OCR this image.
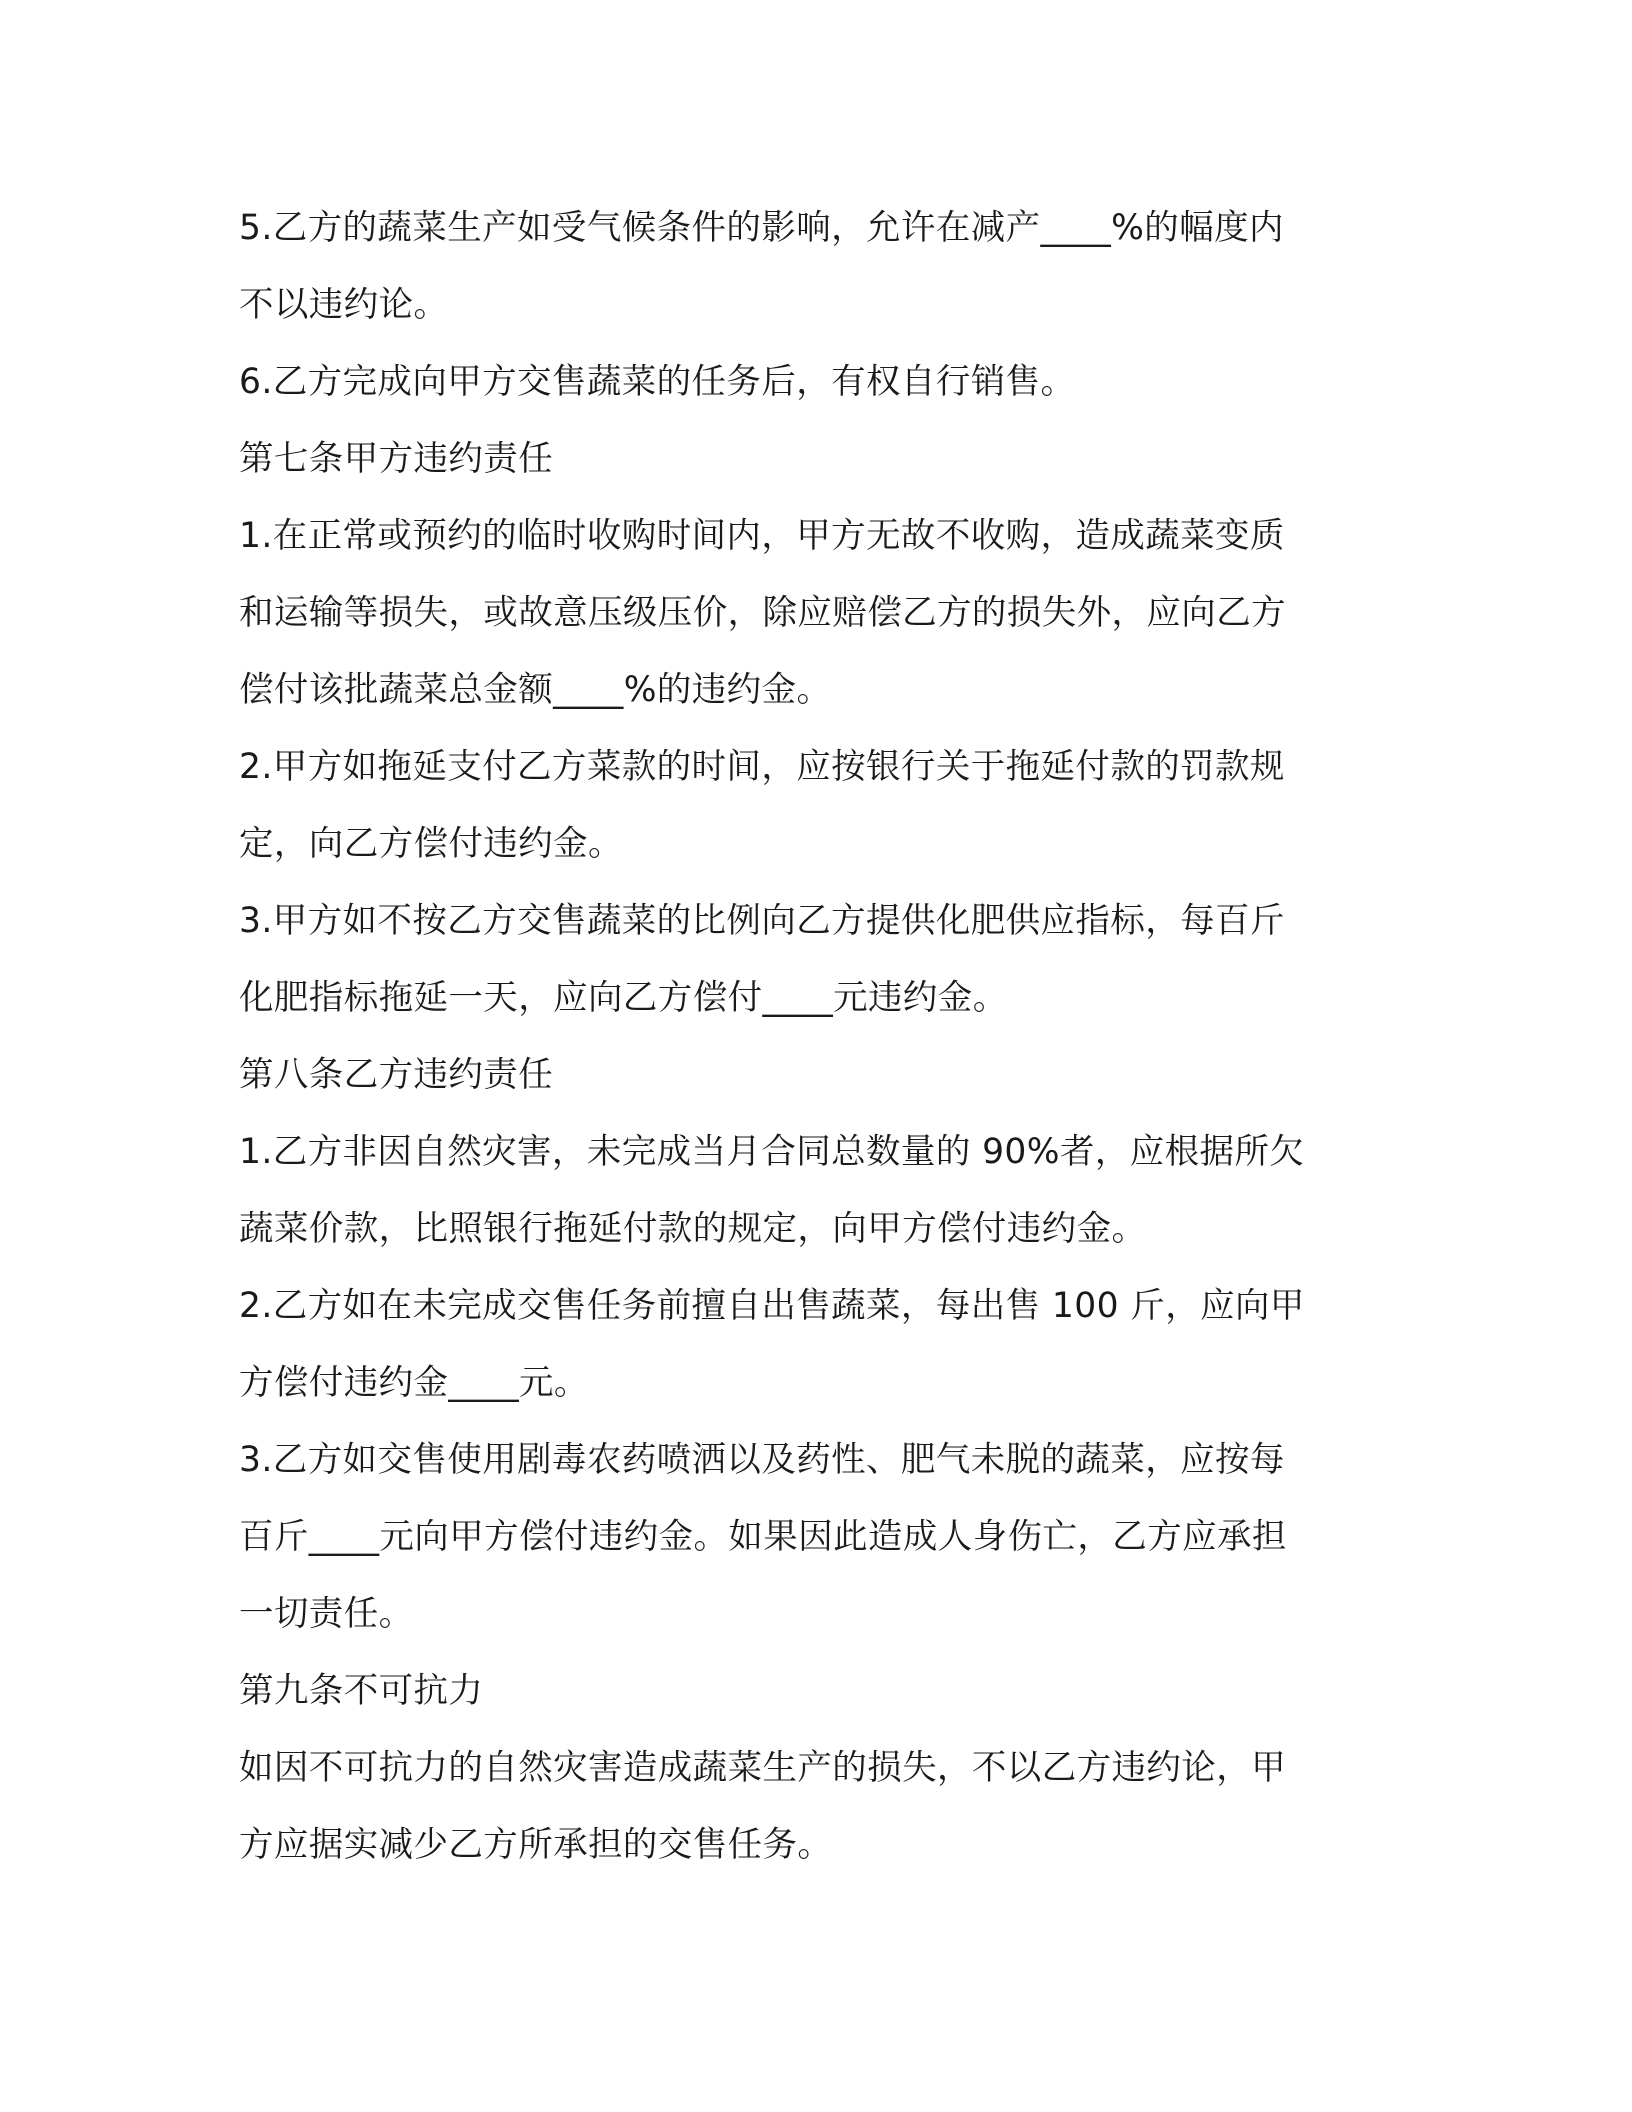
5.乙方的蔬菜生产如受气候条件的影响，允许在减产____%的幅度内
不以违约论。
6.乙方完成向甲方交售蔬菜的任务后，有权自行销售。
第七条甲方违约责任
1.在正常或预约的临时收购时间内，甲方无故不收购，造成蔬菜变质
和运输等损失，或故意压级压价，除应赔偿乙方的损失外，应向乙方
偿付该批蔬菜总金额____%的违约金。
2.甲方如拖延支付乙方菜款的时间，应按银行关于拖延付款的罚款规
定，向乙方偿付违约金。
3.甲方如不按乙方交售蔬菜的比例向乙方提供化肥供应指标，每百斤
化肥指标拖延一天，应向乙方偿付____元违约金。
第八条乙方违约责任
1.乙方非因自然灾害，未完成当月合同总数量的 90%者，应根据所欠
蔬菜价款，比照银行拖延付款的规定，向甲方偿付违约金。
2.乙方如在未完成交售任务前擅自出售蔬菜，每出售 100 斤，应向甲
方偿付违约金____元。
3.乙方如交售使用剧毒农药喷洒以及药性、肥气未脱的蔬菜，应按每
百斤____元向甲方偿付违约金。如果因此造成人身伤亡，乙方应承担
一切责任。
第九条不可抗力
如因不可抗力的自然灾害造成蔬菜生产的损失，不以乙方违约论，甲
方应据实减少乙方所承担的交售任务。
